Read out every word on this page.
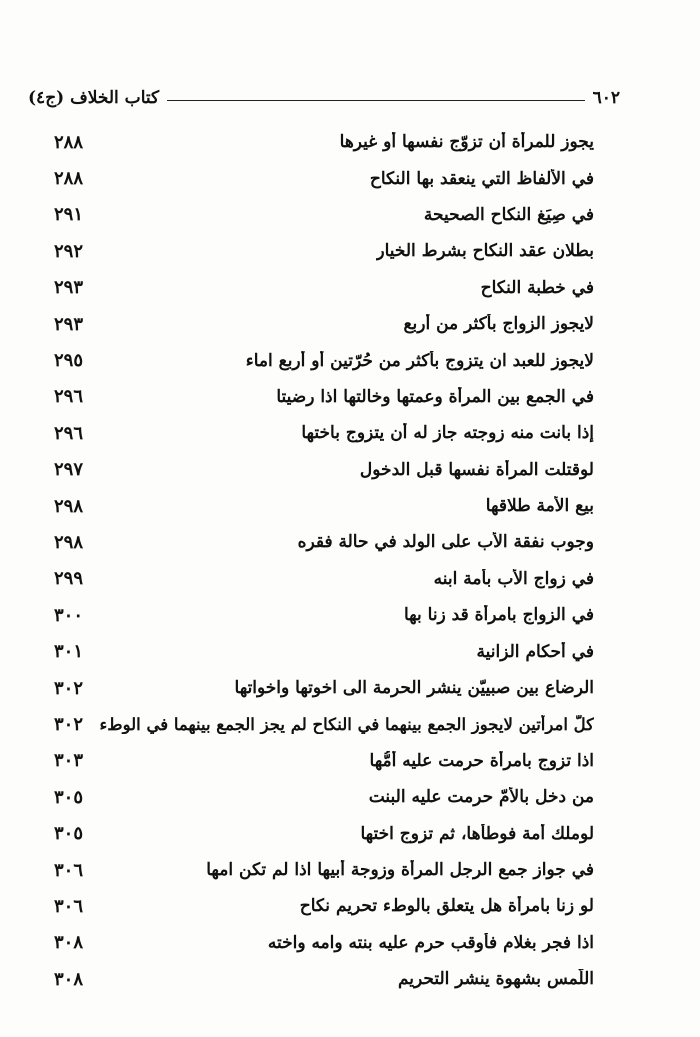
٦٠٢
كتاب الخلاف (ج٤)
يجوز للمرأة أن تزوّج نفسها أو غيرها
٢٨٨
في الألفاظ التي ينعقد بها النكاح
٢٨٨
في صِيَغ النكاح الصحيحة
٢٩١
بطلان عقد النكاح بشرط الخيار
٢٩٢
في خطبة النكاح
٢٩٣
لايجوز الزواج بأكثر من أربع
٢٩٣
لايجوز للعبد ان يتزوج بأكثر من حُرّتين أو أربع اماء
٢٩٥
في الجمع بين المرأة وعمتها وخالتها اذا رضيتا
٢٩٦
إذا بانت منه زوجته جاز له أن يتزوج باختها
٢٩٦
لوقتلت المرأة نفسها قبل الدخول
٢٩٧
بيع الأمة طلاقها
٢٩٨
وجوب نفقة الأب على الولد في حالة فقره
٢٩٨
في زواج الأب بأمة ابنه
٢٩٩
في الزواج بامرأة قد زنا بها
٣٠٠
في أحكام الزانية
٣٠١
الرضاع بين صبييّن ينشر الحرمة الى اخوتها واخواتها
٣٠٢
كلّ امرأتين لايجوز الجمع بينهما في النكاح لم يجز الجمع بينهما في الوطء
٣٠٢
اذا تزوج بامرأة حرمت عليه أمُّها
٣٠٣
من دخل بالأمّ حرمت عليه البنت
٣٠٥
لوملك أمة فوطأها، ثم تزوج اختها
٣٠٥
في جواز جمع الرجل المرأة وزوجة أبيها اذا لم تكن امها
٣٠٦
لو زنا بامرأة هل يتعلق بالوطء تحريم نكاح
٣٠٦
اذا فجر بغلام فأوقب حرم عليه بنته وامه واخته
٣٠٨
اللّمس بشهوة ينشر التحريم
٣٠٨
